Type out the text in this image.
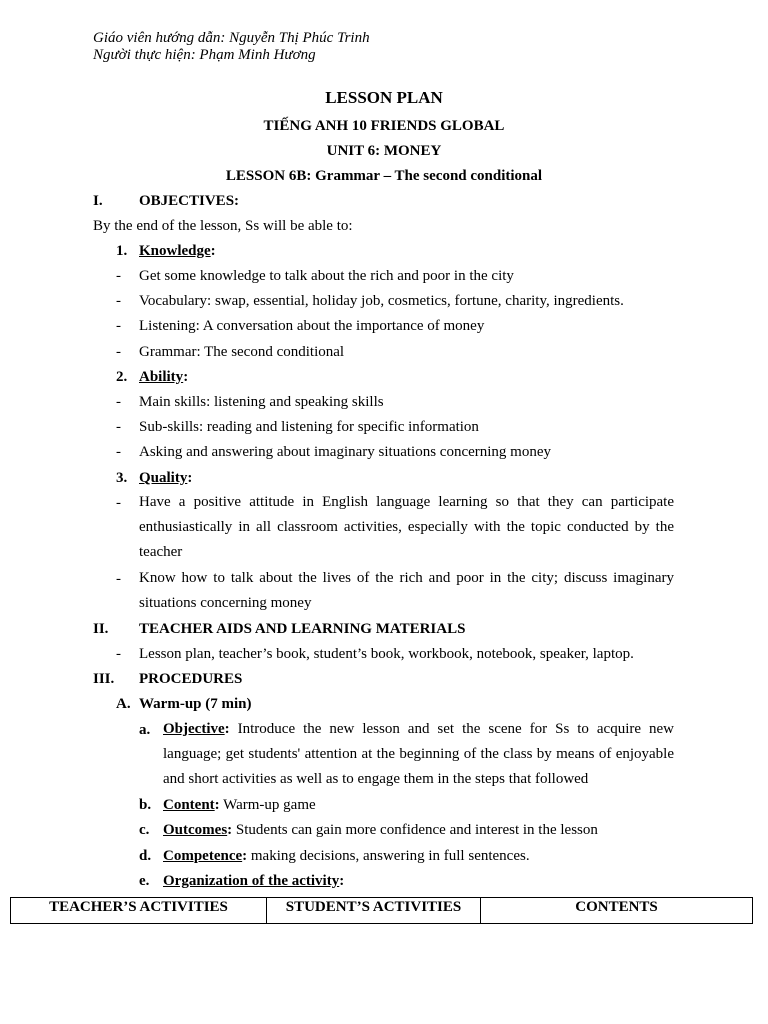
Giáo viên hướng dẫn: Nguyễn Thị Phúc Trinh
Người thực hiện: Phạm Minh Hương
LESSON PLAN
TIẾNG ANH 10 FRIENDS GLOBAL
UNIT 6: MONEY
LESSON 6B: Grammar – The second conditional
I. OBJECTIVES:
By the end of the lesson, Ss will be able to:
1. Knowledge:
- Get some knowledge to talk about the rich and poor in the city
- Vocabulary: swap, essential, holiday job, cosmetics, fortune, charity, ingredients.
- Listening: A conversation about the importance of money
- Grammar: The second conditional
2. Ability:
- Main skills: listening and speaking skills
- Sub-skills: reading and listening for specific information
- Asking and answering about imaginary situations concerning money
3. Quality:
- Have a positive attitude in English language learning so that they can participate enthusiastically in all classroom activities, especially with the topic conducted by the teacher
- Know how to talk about the lives of the rich and poor in the city; discuss imaginary situations concerning money
II. TEACHER AIDS AND LEARNING MATERIALS
- Lesson plan, teacher’s book, student’s book, workbook, notebook, speaker, laptop.
III. PROCEDURES
A. Warm-up (7 min)
a. Objective: Introduce the new lesson and set the scene for Ss to acquire new language; get students' attention at the beginning of the class by means of enjoyable and short activities as well as to engage them in the steps that followed
b. Content: Warm-up game
c. Outcomes: Students can gain more confidence and interest in the lesson
d. Competence: making decisions, answering in full sentences.
e. Organization of the activity:
TEACHER’S ACTIVITIES	STUDENT’S ACTIVITIES	CONTENTS
